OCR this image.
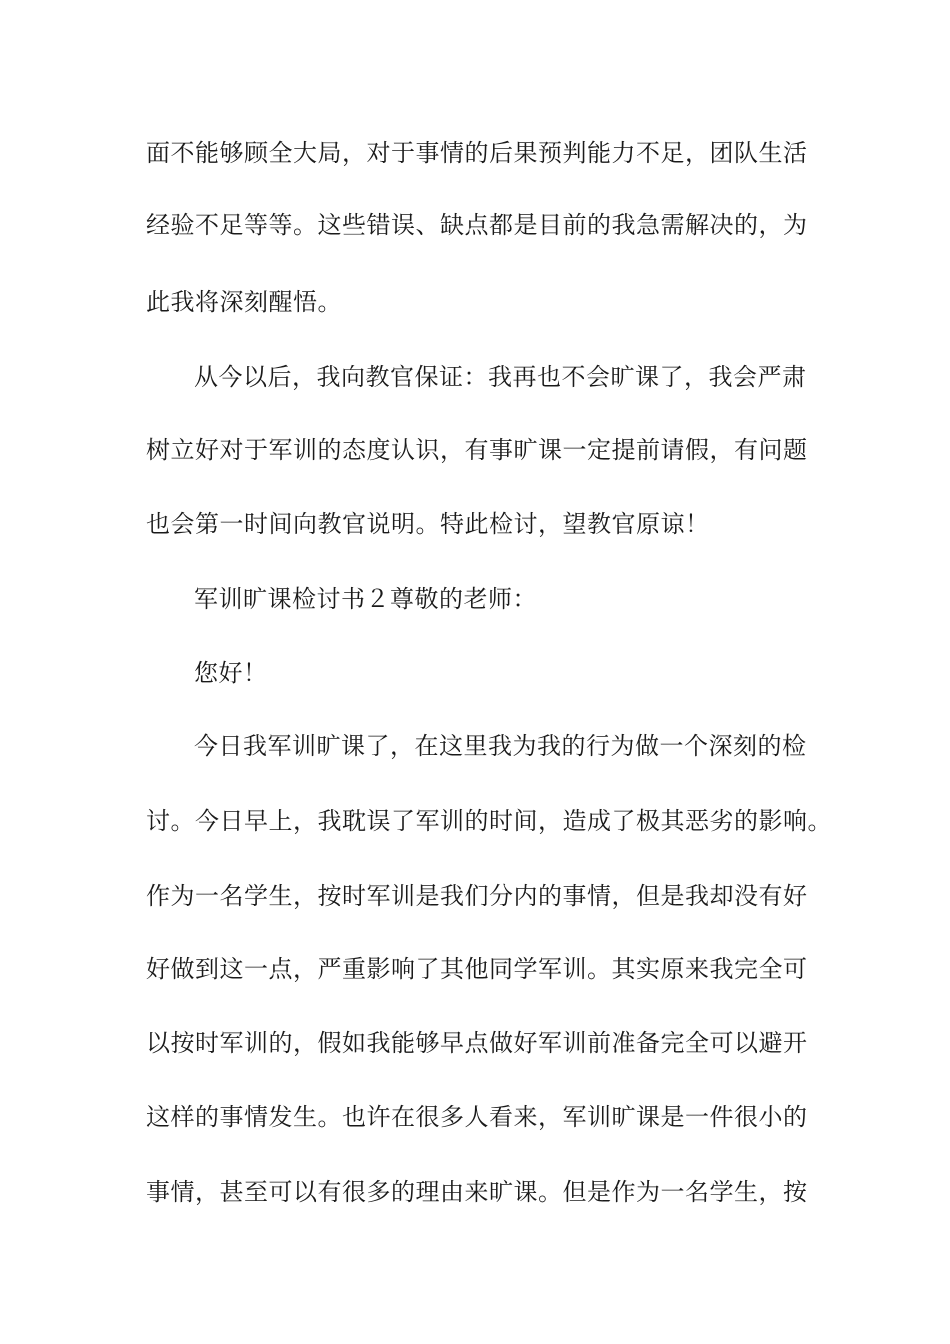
面不能够顾全大局，对于事情的后果预判能力不足，团队生活
经验不足等等。这些错误、缺点都是目前的我急需解决的，为
此我将深刻醒悟。
从今以后，我向教官保证：我再也不会旷课了，我会严肃
树立好对于军训的态度认识，有事旷课一定提前请假，有问题
也会第一时间向教官说明。特此检讨，望教官原谅！
军训旷课检讨书２尊敬的老师：
您好！
今日我军训旷课了，在这里我为我的行为做一个深刻的检
讨。今日早上，我耽误了军训的时间，造成了极其恶劣的影响。
作为一名学生，按时军训是我们分内的事情，但是我却没有好
好做到这一点，严重影响了其他同学军训。其实原来我完全可
以按时军训的，假如我能够早点做好军训前准备完全可以避开
这样的事情发生。也许在很多人看来，军训旷课是一件很小的
事情，甚至可以有很多的理由来旷课。但是作为一名学生，按
